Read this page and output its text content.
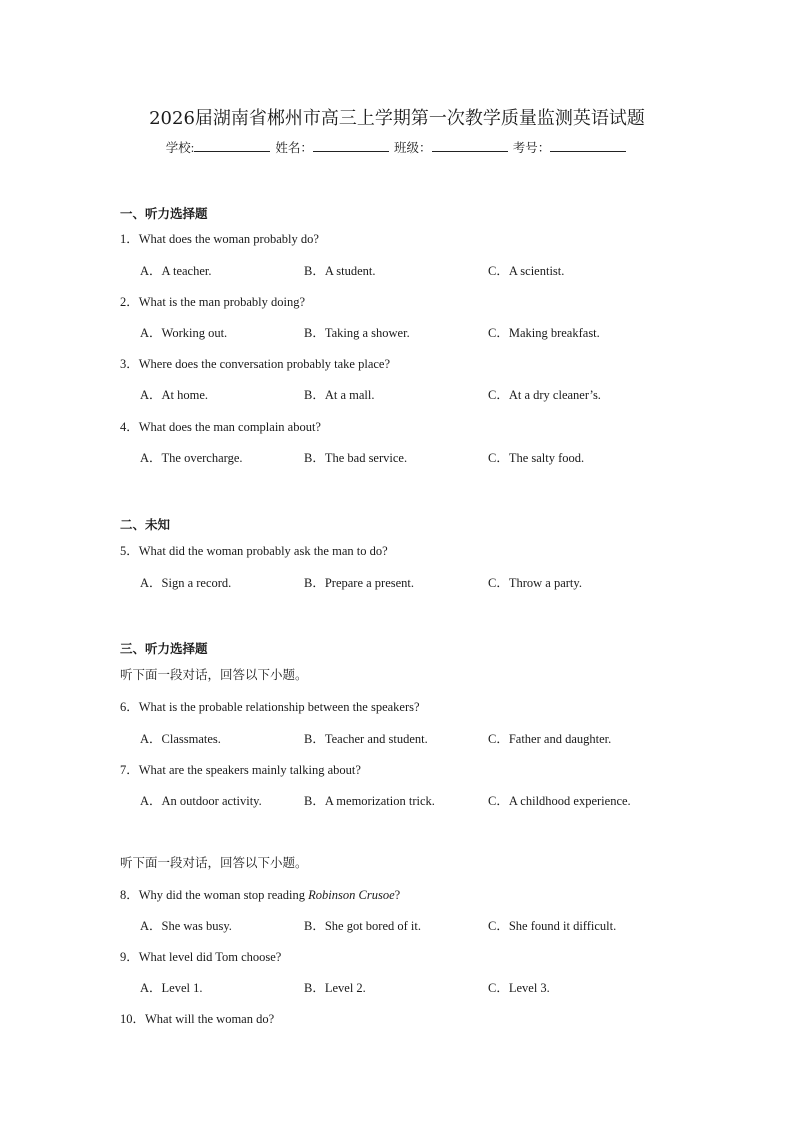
2026届湖南省郴州市高三上学期第一次教学质量监测英语试题
学校:	姓名：	班级：	考号：
一、听力选择题
1．What does the woman probably do?
A．A teacher.	B．A student.	C．A scientist.
2．What is the man probably doing?
A．Working out.	B．Taking a shower.	C．Making breakfast.
3．Where does the conversation probably take place?
A．At home.	B．At a mall.	C．At a dry cleaner’s.
4．What does the man complain about?
A．The overcharge.	B．The bad service.	C．The salty food.
二、未知
5．What did the woman probably ask the man to do?
A．Sign a record.	B．Prepare a present.	C．Throw a party.
三、听力选择题
听下面一段对话，回答以下小题。
6．What is the probable relationship between the speakers?
A．Classmates.	B．Teacher and student.	C．Father and daughter.
7．What are the speakers mainly talking about?
A．An outdoor activity.	B．A memorization trick.	C．A childhood experience.
听下面一段对话，回答以下小题。
8．Why did the woman stop reading Robinson Crusoe?
A．She was busy.	B．She got bored of it.	C．She found it difficult.
9．What level did Tom choose?
A．Level 1.	B．Level 2.	C．Level 3.
10．What will the woman do?
